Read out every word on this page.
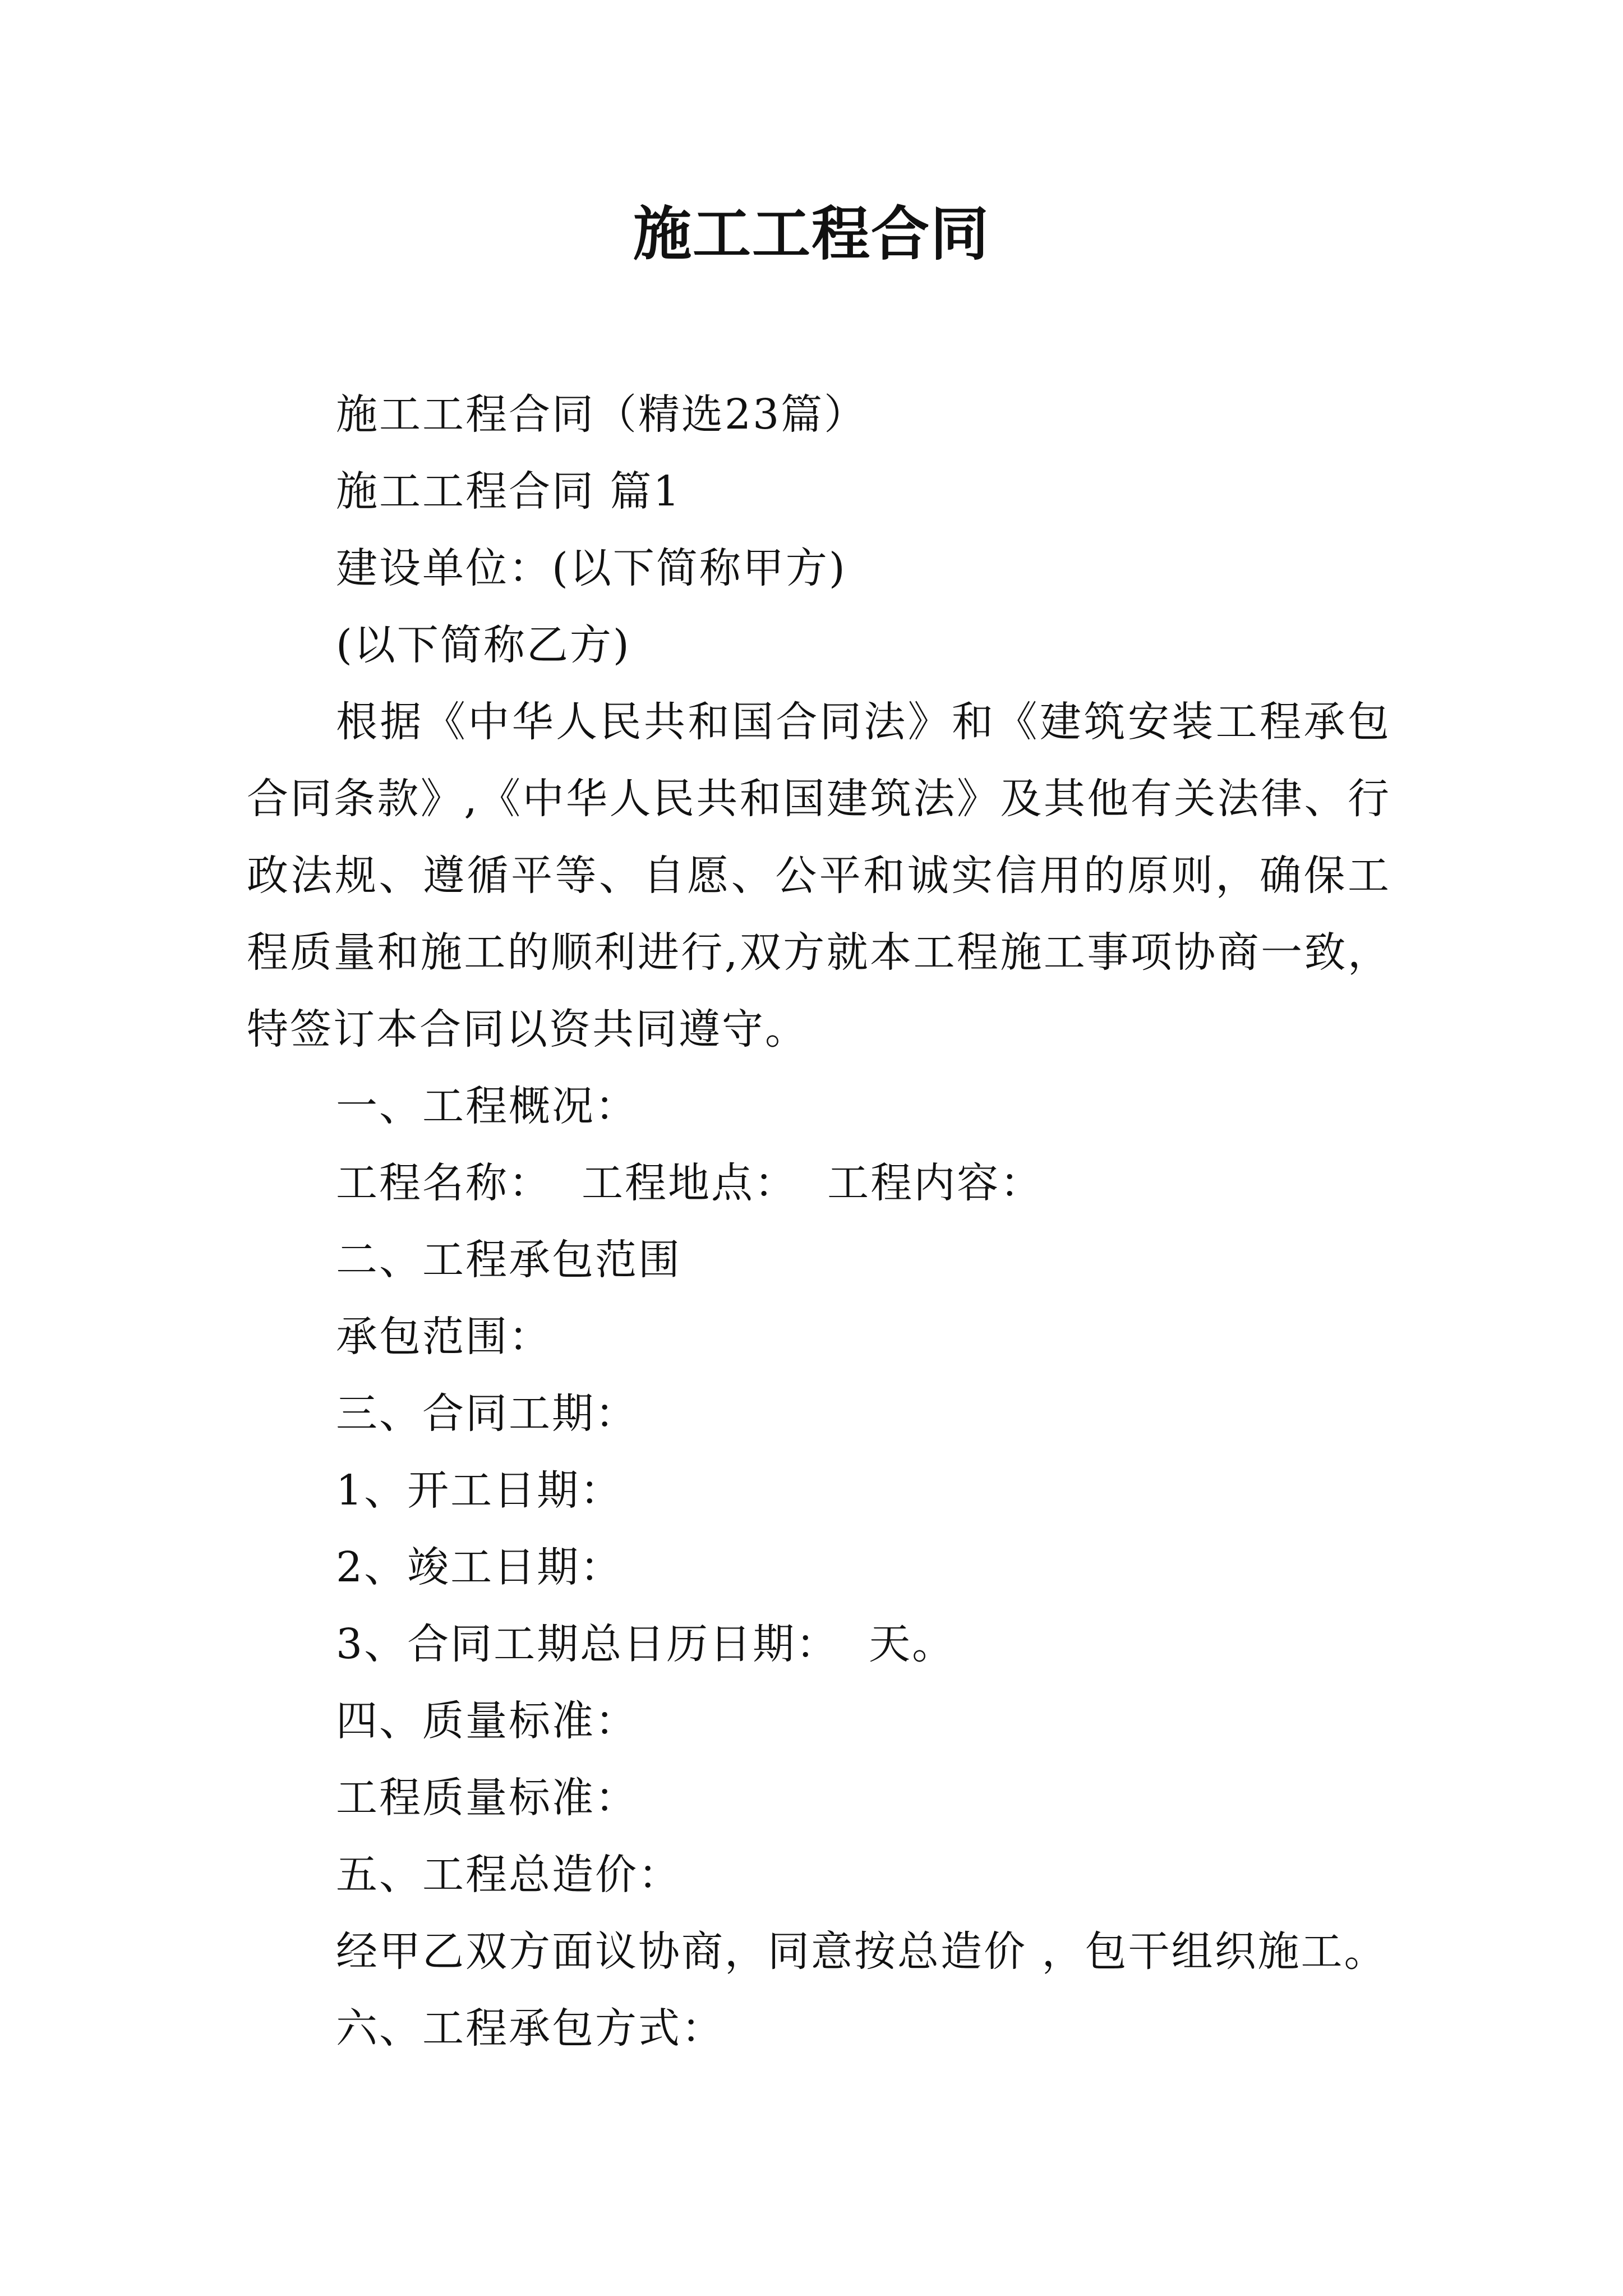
施工工程合同

施工工程合同（精选23篇）

施工工程合同 篇1

建设单位：(以下简称甲方)

(以下简称乙方)

根据《中华人民共和国合同法》和《建筑安装工程承包合同条款》,《中华人民共和国建筑法》及其他有关法律、行政法规、遵循平等、自愿、公平和诚实信用的原则，确保工程质量和施工的顺利进行,双方就本工程施工事项协商一致，特签订本合同以资共同遵守。

一、工程概况：

工程名称：  工程地点：  工程内容：

二、工程承包范围

承包范围：

三、合同工期：

1、开工日期：

2、竣工日期：

3、合同工期总日历日期：  天。

四、质量标准：

工程质量标准：

五、工程总造价：

经甲乙双方面议协商，同意按总造价 ，包干组织施工。

六、工程承包方式：
